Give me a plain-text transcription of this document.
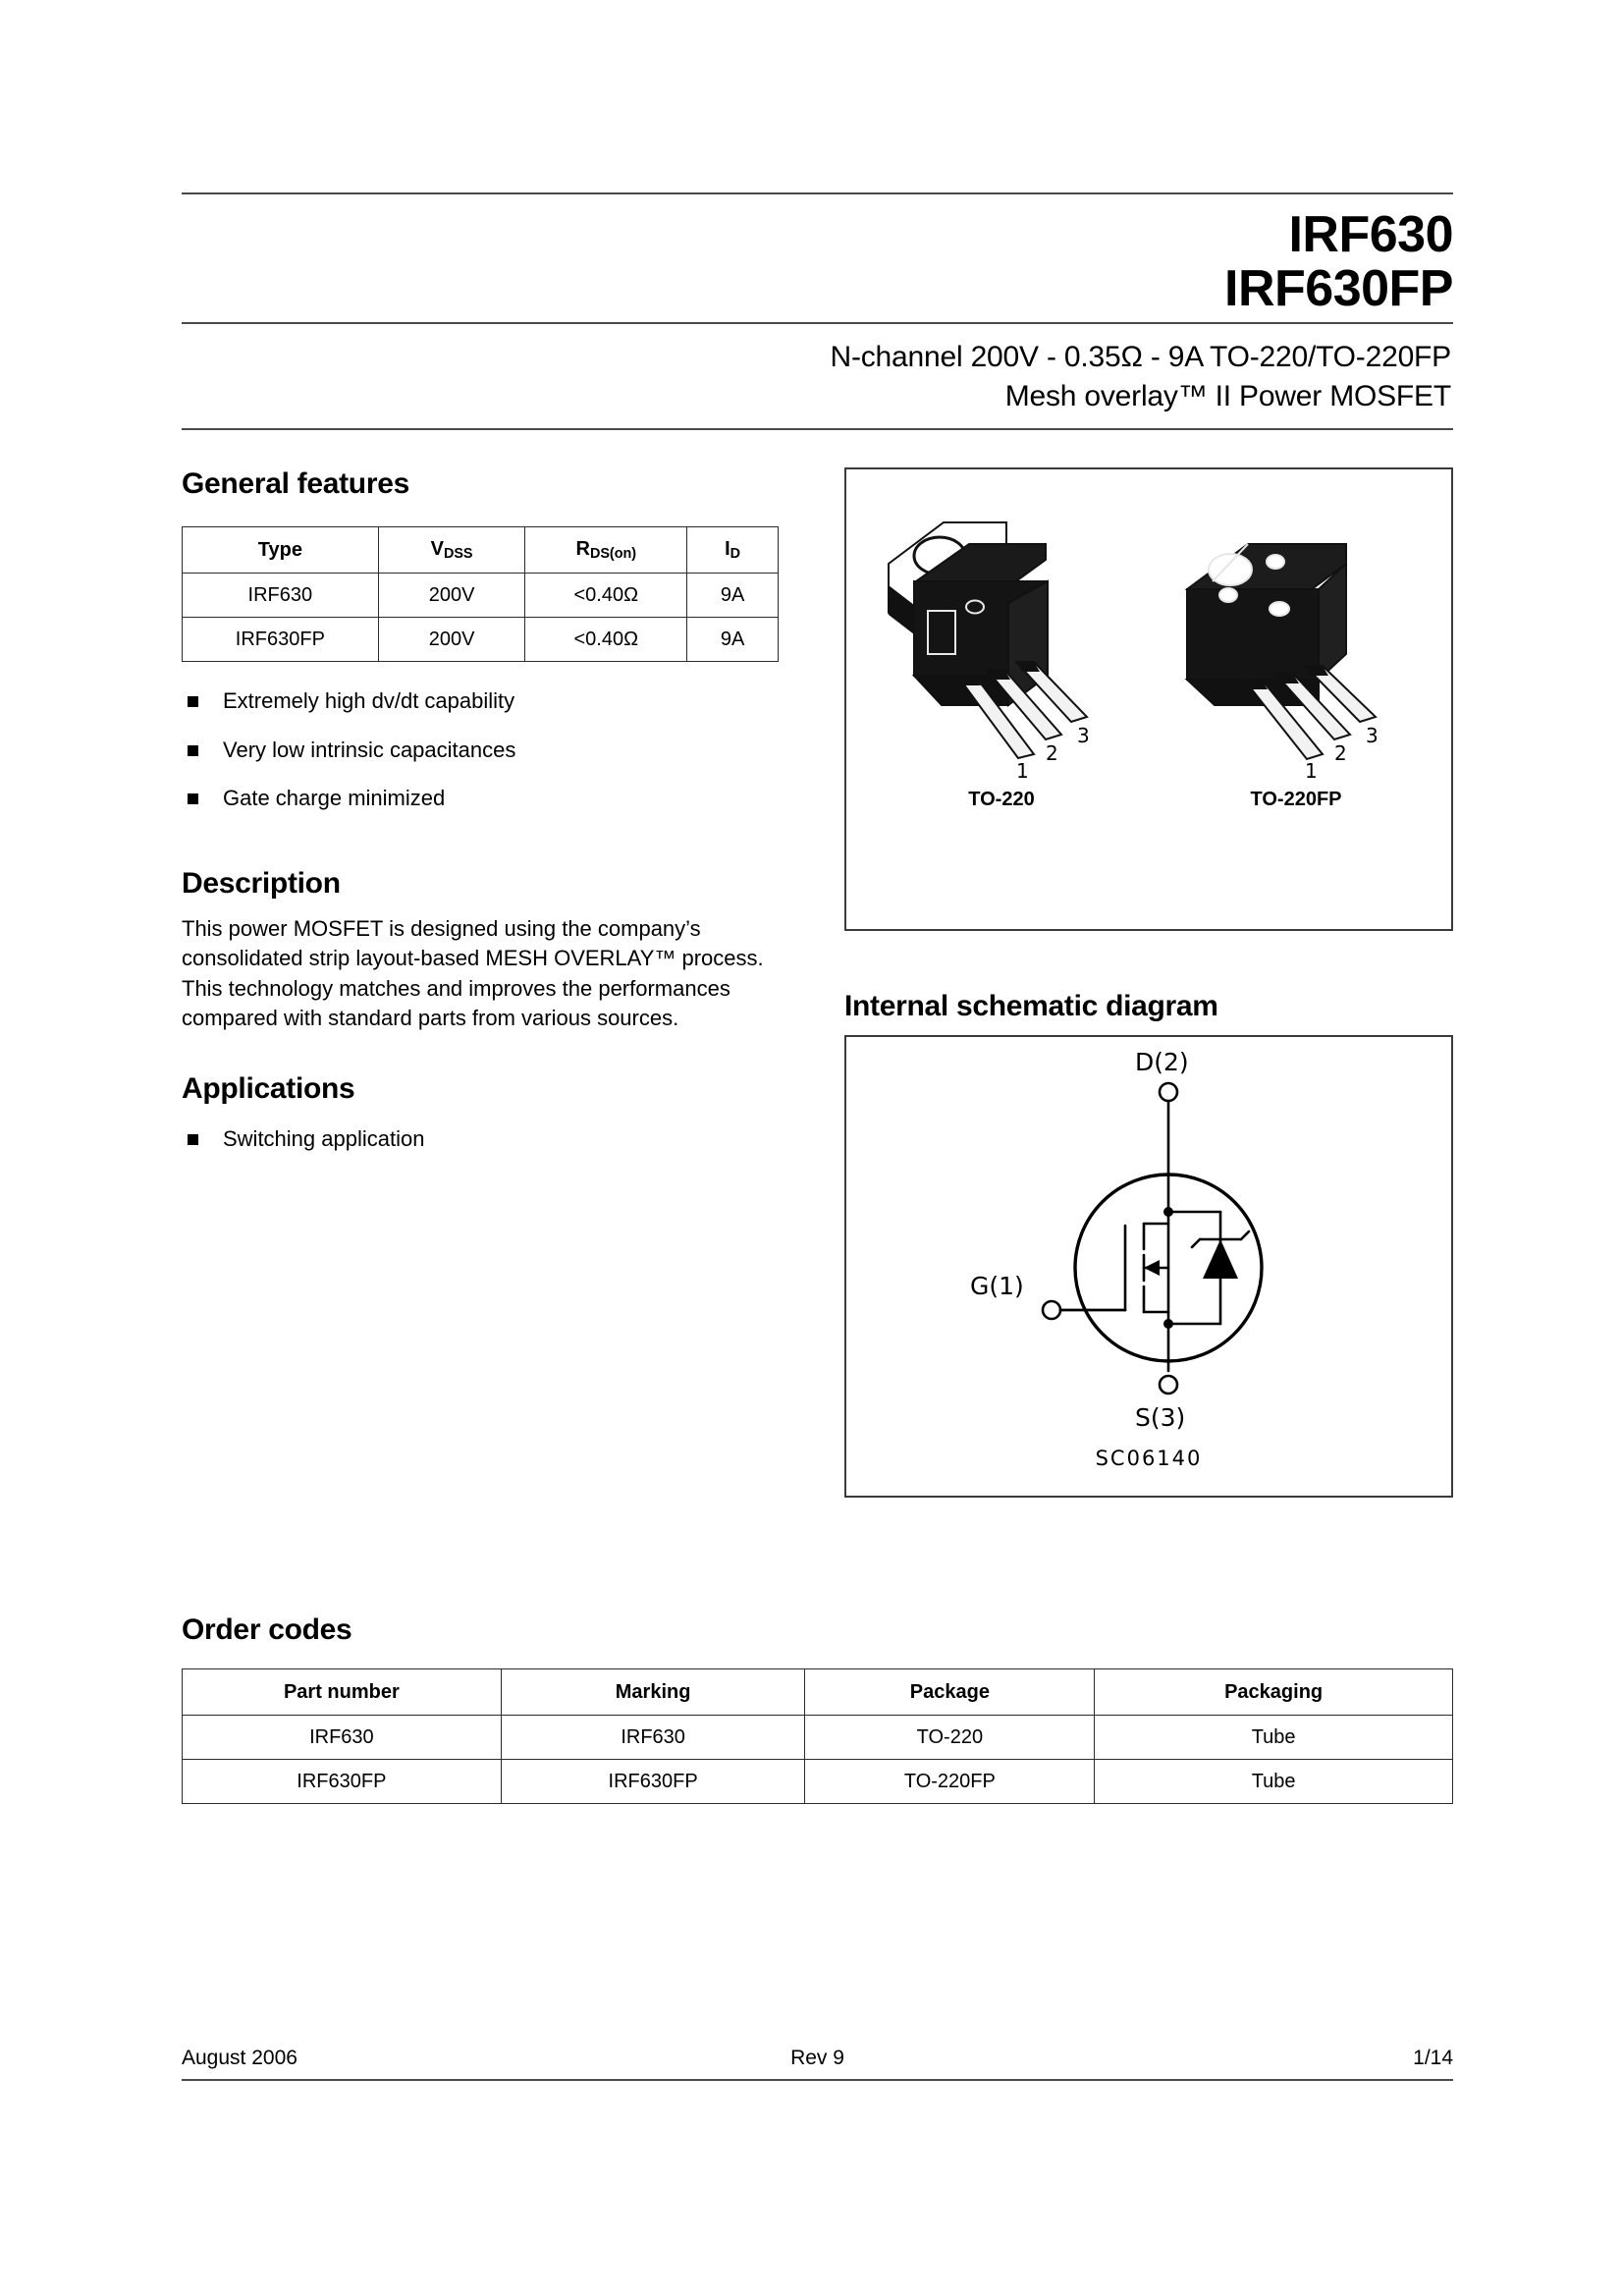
IRF630
IRF630FP
N-channel 200V - 0.35Ω - 9A TO-220/TO-220FP
Mesh overlay™ II Power MOSFET
General features
Type	$V_{DSS}$	$R_{DS(on)}$	$I_D$
IRF630	200V	<0.40Ω	9A
IRF630FP	200V	<0.40Ω	9A
Extremely high dv/dt capability
Very low intrinsic capacitances
Gate charge minimized
Description

This power MOSFET is designed using the company’s consolidated strip layout-based MESH OVERLAY™ process. This technology matches and improves the performances compared with standard parts from various sources.

Applications
Switching application
1
2
3
TO-220
1
2
3
TO-220FP
Internal schematic diagram
D(2)
G(1)
S(3)
SC06140
Order codes
Part number	Marking	Package	Packaging
IRF630	IRF630	TO-220	Tube
IRF630FP	IRF630FP	TO-220FP	Tube
August 2006	Rev 9	1/14
